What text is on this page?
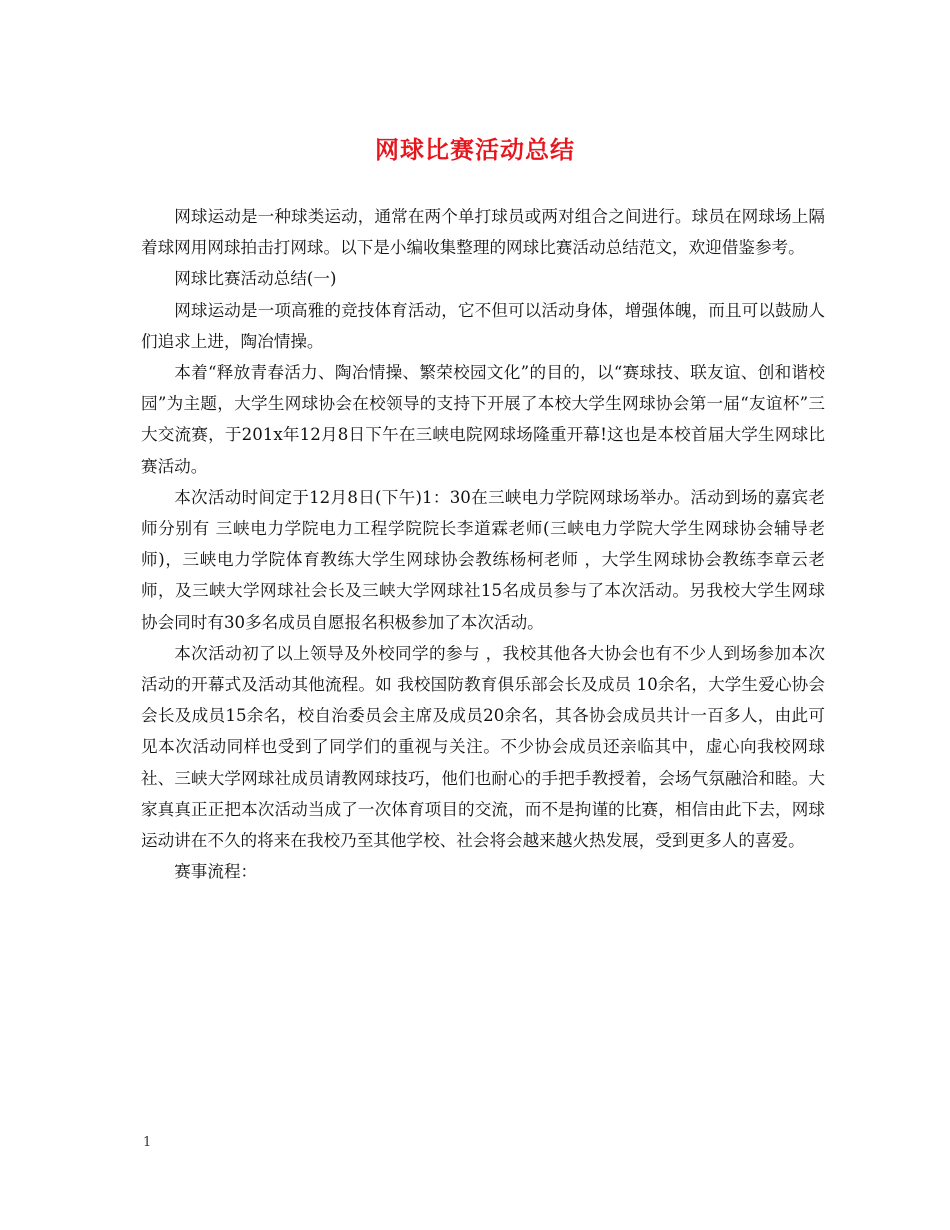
网球比赛活动总结

网球运动是一种球类运动，通常在两个单打球员或两对组合之间进行。球员在网球场上隔着球网用网球拍击打网球。以下是小编收集整理的网球比赛活动总结范文，欢迎借鉴参考。

网球比赛活动总结(一)

网球运动是一项高雅的竞技体育活动，它不但可以活动身体，增强体魄，而且可以鼓励人们追求上进，陶冶情操。

本着“释放青春活力、陶冶情操、繁荣校园文化”的目的，以“赛球技、联友谊、创和谐校园”为主题，大学生网球协会在校领导的支持下开展了本校大学生网球协会第一届“友谊杯”三大交流赛，于201x年12月8日下午在三峡电院网球场隆重开幕!这也是本校首届大学生网球比赛活动。

本次活动时间定于12月8日(下午)1：30在三峡电力学院网球场举办。活动到场的嘉宾老师分别有 三峡电力学院电力工程学院院长李道霖老师(三峡电力学院大学生网球协会辅导老师)，三峡电力学院体育教练大学生网球协会教练杨柯老师 ，大学生网球协会教练李章云老师，及三峡大学网球社会长及三峡大学网球社15名成员参与了本次活动。另我校大学生网球协会同时有30多名成员自愿报名积极参加了本次活动。

本次活动初了以上领导及外校同学的参与 ，我校其他各大协会也有不少人到场参加本次活动的开幕式及活动其他流程。如 我校国防教育俱乐部会长及成员 10余名，大学生爱心协会会长及成员15余名，校自治委员会主席及成员20余名，其各协会成员共计一百多人，由此可见本次活动同样也受到了同学们的重视与关注。不少协会成员还亲临其中，虚心向我校网球社、三峡大学网球社成员请教网球技巧，他们也耐心的手把手教授着，会场气氛融洽和睦。大家真真正正把本次活动当成了一次体育项目的交流，而不是拘谨的比赛，相信由此下去，网球运动讲在不久的将来在我校乃至其他学校、社会将会越来越火热发展，受到更多人的喜爱。

赛事流程：

1
